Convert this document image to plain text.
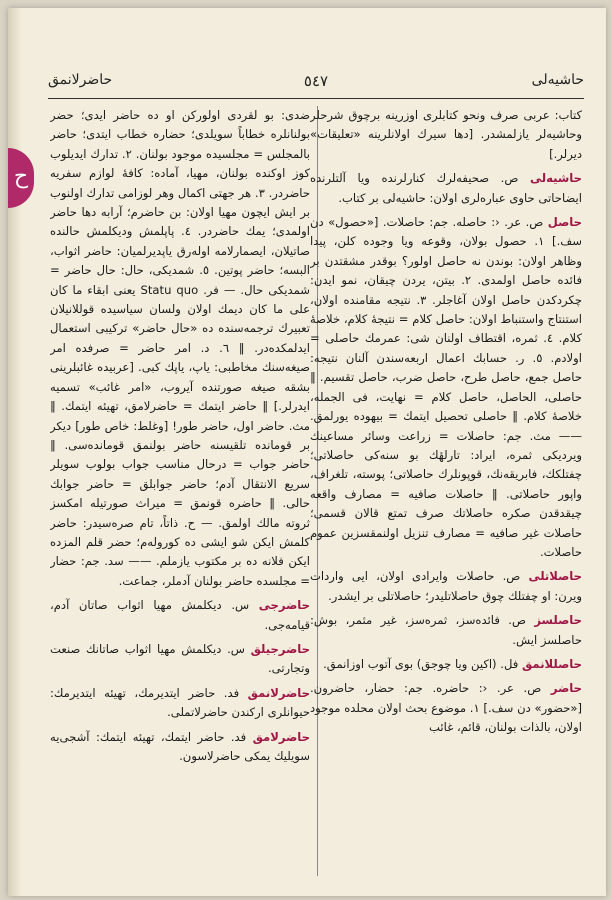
حاشیه‌لی
٥٤٧
حاضرلانمق

کتاب: عربی صرف ونحو کتابلری اوزرینه برچوق شرحلر وحاشیه‌لر یازلمشدر. [دها سیرك اولانلرینه «تعلیقات» دیرلر.]

حاشیه‌لی ص. صحیفه‌لرك کنارلرنده ویا آلتلرنده ایضاحاتی حاوی عباره‌لری اولان: حاشیه‌لی بر کتاب.

حاصل ص. عر. ‹: حاصله. جم: حاصلات. [«حصول» دن سف.] ١. حصول بولان، وقوعه ویا وجوده کلن، پیدا وظاهر اولان: بوندن نه حاصل اولور؟ بوقدر مشقتدن بر فائده حاصل اولمدی. ٢. بیتن، یردن چیقان، نمو ایدن: چکردکدن حاصل اولان آغاجلر. ٣. نتیجه مقامنده اولان، استنتاج واستنباط اولان: حاصل کلام = نتیجهٔ کلام، خلاصهٔ کلام. ٤. ثمره، اقتطاف اولنان شی: عمرمك حاصلی = اولادم. ٥. ر. حسابك اعمال اربعه‌سندن آلنان نتیجه: حاصل جمع، حاصل طرح، حاصل ضرب، حاصل تقسیم. ‖ حاصلی، الحاصل، حاصل کلام = نهایت، فی الجمله، خلاصهٔ کلام. ‖ حاصلی تحصیل ایتمك = بیهوده یورلمق. —— مث. جم: حاصلات = زراعت وسائر مساعینك ویردیکی ثمره، ایراد: تارلهٔك بو سنه‌کی حاصلاتی؛ چفتلکك، فابریقه‌نك، قوپونلرك حاصلاتی؛ پوسته، تلغراف، واپور حاصلاتی. ‖ حاصلات صافیه = مصارف واقعه چیقدقدن صکره حاصلاتك صرف تمتع قالان قسمی؛ حاصلات غیر صافیه = مصارف تنزیل اولنمقسزین عموم حاصلات.

حاصلاتلی ص. حاصلات وایرادی اولان، ایی واردات ویرن: او چفتلك چوق حاصلاتلیدر؛ حاصلاتلی بر ایشدر.

حاصلسز ص. فائده‌سز، ثمره‌سز، غیر مثمر، بوش: حاصلسز ایش.

حاصللانمق فل. (اکین ویا چوجق) بوی آتوب اوزانمق.

حاضر ص. عر. ‹: حاضره. جم: حضار، حاضرون. [«حضور» دن سف.] ١. موضوع بحث اولان محلده موجود اولان، بالذات بولنان، قائم، غائب

ضدی: بو لقردی اولورکن او ده حاضر ایدی؛ حضر بولنانلره خطاباً سویلدی؛ حضاره خطاب ایتدی؛ حاضر بالمجلس = مجلسیده موجود بولنان. ٢. تدارك ایدیلوب کوز اوکنده بولنان، مهیا، آماده: کافهٔ لوازم سفریه حاضردر. ٣. هر جهتی اکمال وهر لوزامی تدارك اولنوب بر ایش ایچون مهیا اولان: بن حاضرم؛ آرابه دها حاضر اولمدی؛ یمك حاضردر. ٤. پاپلمش ودیکلمش حالنده صاتیلان، ایصمارلامه اولەرق یاپدیرلمیان: حاضر اثواب، البسه؛ حاضر پوتین. ٥. شمدیکی، حال: حال حاضر = شمدیکی حال. — فر. Statu quo یعنی ابقاء ما کان علی ما کان دیمك اولان ولسان سیاسیده قوللانیلان تعبیرك ترجمه‌سنده ده «حال حاضر» ترکیبی استعمال ایدلمکده‌در. ‖ ٦. د. امر حاضر = صرفده امر صیغه‌سنك مخاطبی: یاپ، یاپك کبی. [عربیده غائبلرینی بشقه صیغه صورتنده آیروب، «امر غائب» تسمیه ایدرلر.] ‖ حاضر ایتمك = حاضرلامق، تهیئه ایتمك. ‖ مث. حاضر اول، حاضر طور! [وغلط: خاص طور] دیکر بر قومانده تلقیسنه حاضر بولنمق قوماندەسی. ‖ حاضر جواب = درحال مناسب جواب بولوب سویلر سریع الانتقال آدم؛ حاضر جوابلق = حاضر جوابك حالی. ‖ حاضره قونمق = میراث صورتیله امکسز ثروته مالك اولمق. — ح. ذاتاً، تام صره‌سیدر: حاضر کلمش ایکن شو ایشی ده کوروله‌م؛ حضر قلم المزده ایکن فلانه ده بر مکتوب یازملم. —— سد. جم: حضار = مجلسده حاضر بولنان آدملر، جماعت.

حاضرجی س. دیکلمش مهیا اثواب صاتان آدم، قیامه‌جی.

حاضرجیلق س. دیکلمش مهیا اثواب صاتانك صنعت وتجارتی.

حاضرلانمق فد. حاضر ایتدیرمك، تهیئه ایتدیرمك: حیوانلری ارکندن حاضرلاتملی.

حاضرلامق فد. حاضر ایتمك، تهیئه ایتمك: آشجی‌یه سویلیك یمکی حاضرلاسون.

ح
